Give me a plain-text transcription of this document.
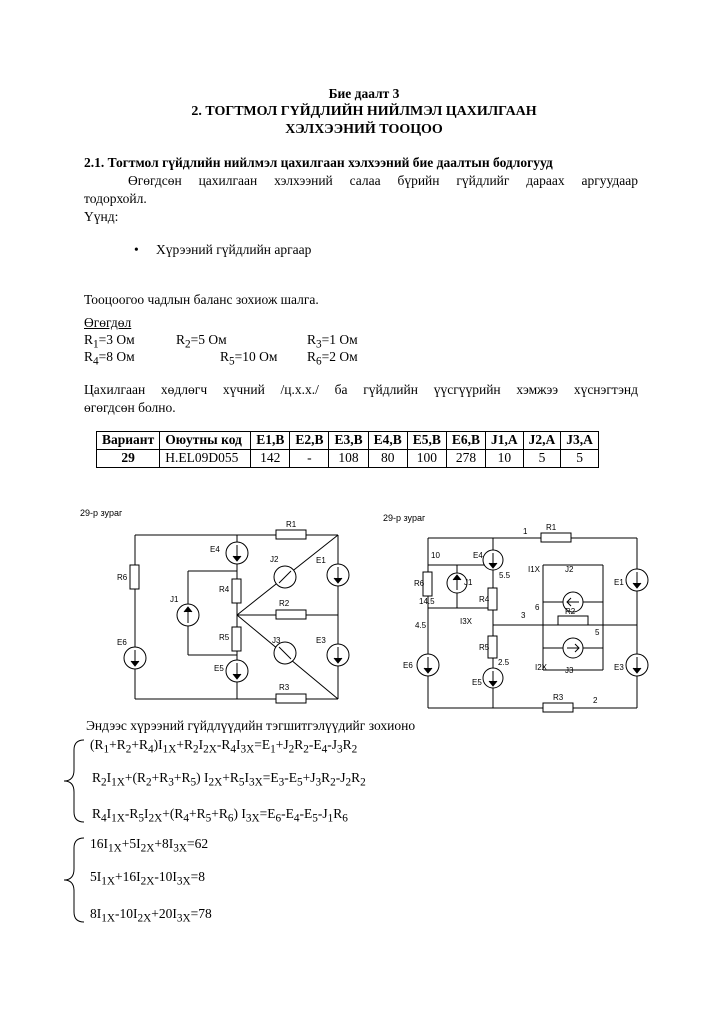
Бие даалт 3
2. ТОГТМОЛ ГҮЙДЛИЙН НИЙЛМЭЛ ЦАХИЛГААН
ХЭЛХЭЭНИЙ ТООЦОО
2.1. Тогтмол гүйдлийн нийлмэл цахилгаан хэлхээний бие даалтын бодлогууд
Өгөгдсөн цахилгаан хэлхээний салаа бүрийн гүйдлийг дараах аргуудаар
тодорхойл.
Үүнд:
• Хүрээний гүйдлийн аргаар
Тооцоогоо чадлын баланс зохиож шалга.
Өгөгдөл
$R_1=3$ Ом	$R_2=5$ Ом	$R_3=1$ Ом
$R_4=8$ Ом	$R_5=10$ Ом $R_6=2$ Ом
Цахилгаан хөдлөгч хүчний /ц.х.х./ ба гүйдлийн үүсгүүрийн хэмжээ хүснэгтэнд
өгөгдсөн болно.
Вариант	Оюутны код	E1,B	E2,B	E3,B	E4,B	E5,B	E6,B	J1,A	J2,A	J3,A
29	Н.EL09D055	142	-	108	80	100	278	10	5	5
29-р зураг
R1
E4
J2	E1
R6
R4
J1	R2
E6
R5	J3	E3
E5
R3
29-р зураг
R1
1
10	E4
I1X	J2
E1
5.5
R6	J1
R4
14.5
6
3	R2
I3X
4.5
5
R5
E6	2.5
I2X J3	E3
E5
R3	2
Эндээс хүрээний гүйдлүүдийн тэгшитгэлүүдийг зохионо
$(R_1+R_2+R_4)I_{1X}+R_2I_{2X}-R_4I_{3X}=E_1+J_2R_2-E_4-J_3R_2$
$R_2I_{1X}+(R_2+R_3+R_5)$ $I_{2X}+R_5I_{3X}=E_3-E_5+J_3R_2-J_2R_2$
$R_4I_{1X}-R_5I_{2X}+(R_4+R_5+R_6)$ $I_{3X}=E_6-E_4-E_5-J_1R_6$
$16I_{1X}+5I_{2X}+8I_{3X}=62$
$5I_{1X}+16I_{2X}-10I_{3X}=8$
$8I_{1X}-10I_{2X}+20I_{3X}=78$
